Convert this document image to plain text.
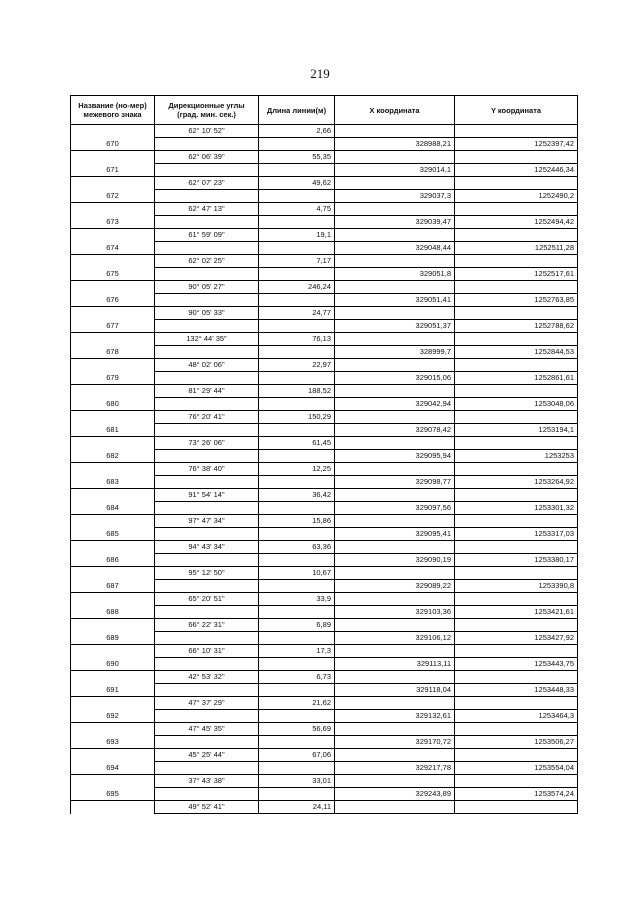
219
Название (но-мер) межевого знака	Дирекционные углы (град. мин. сек.)	Длина линии(м)	X координата	Y координата
	62° 10' 52"	2,66		
670			328988,21	1252397,42
	62° 06' 39"	55,35		
671			329014,1	1252446,34
	62° 07' 23"	49,62		
672			329037,3	1252490,2
	62° 47' 13"	4,75		
673			329039,47	1252494,42
	61° 59' 09"	19,1		
674			329048,44	1252511,28
	62° 02' 25"	7,17		
675			329051,8	1252517,61
	90° 05' 27"	246,24		
676			329051,41	1252763,85
	90° 05' 33"	24,77		
677			329051,37	1252788,62
	132° 44' 35"	76,13		
678			328999,7	1252844,53
	48° 02' 06"	22,97		
679			329015,06	1252861,61
	81° 29' 44"	188,52		
680			329042,94	1253048,06
	76° 20' 41"	150,29		
681			329078,42	1253194,1
	73° 26' 06"	61,45		
682			329095,94	1253253
	76° 38' 40"	12,25		
683			329098,77	1253264,92
	91° 54' 14"	36,42		
684			329097,56	1253301,32
	97° 47' 34"	15,86		
685			329095,41	1253317,03
	94° 43' 34"	63,36		
686			329090,19	1253380,17
	95° 12' 50"	10,67		
687			329089,22	1253390,8
	65° 20' 51"	33,9		
688			329103,36	1253421,61
	66° 22' 31"	6,89		
689			329106,12	1253427,92
	66° 10' 31"	17,3		
690			329113,11	1253443,75
	42° 53' 32"	6,73		
691			329118,04	1253448,33
	47° 37' 29"	21,62		
692			329132,61	1253464,3
	47° 45' 35"	56,69		
693			329170,72	1253506,27
	45° 25' 44"	67,06		
694			329217,78	1253554,04
	37° 43' 38"	33,01		
695			329243,89	1253574,24
	49° 52' 41"	24,11		
